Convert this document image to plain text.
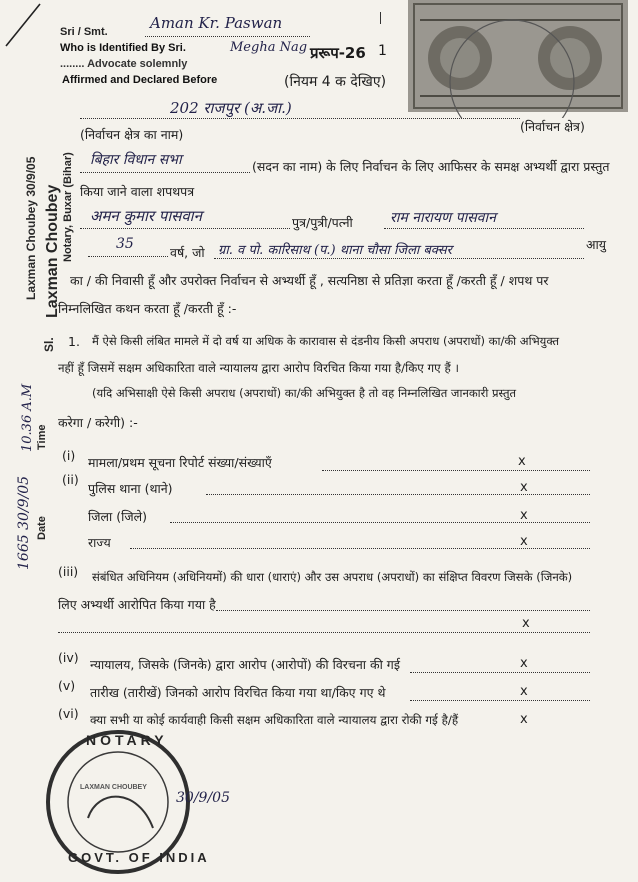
Sri / Smt.
Who is Identified By Sri.
........ Advocate solemnly
Affirmed and Declared Before
Aman Kr. Paswan
Megha Nag प्ररूप-26 1
(नियम 4 क देखिए)
(निर्वाचन क्षेत्र)
202 राजपुर (अ.जा.)
(निर्वाचन क्षेत्र का नाम)
बिहार विधान सभा	(सदन का नाम) के लिए निर्वाचन के लिए आफिसर के समक्ष अभ्यर्थी द्वारा प्रस्तुत
किया जाने वाला शपथपत्र
अमन कुमार पासवान	पुत्र/पुत्री/पत्नी	राम नारायण पासवान
आयु
35
वर्ष, जो ग्रा. व पो. कारिसाथ (प.) थाना चौसा जिला बक्सर
का / की निवासी हूँ और उपरोक्त निर्वाचन से अभ्यर्थी हूँ , सत्यनिष्ठा से प्रतिज्ञा करता हूँ /करती हूँ / शपथ पर
निम्नलिखित कथन करता हूँ /करती हूँ :-
1. मैं ऐसे किसी लंबित मामले में दो वर्ष या अधिक के कारावास से दंडनीय किसी अपराध (अपराधों) का/की अभियुक्त
नहीं हूँ जिसमें सक्षम अधिकारिता वाले न्यायालय द्वारा आरोप विरचित किया गया है/किए गए हैं ।
(यदि अभिसाक्षी ऐसे किसी अपराध (अपराधों) का/की अभियुक्त है तो वह निम्नलिखित जानकारी प्रस्तुत
करेगा / करेगी) :-
(i) मामला/प्रथम सूचना रिपोर्ट संख्या/संख्याएँ	x
(ii)
पुलिस थाना (थाने)	x
जिला (जिले)	x
राज्य	x
(iii) संबंधित अधिनियम (अधिनियमों) की धारा (धाराएं) और उस अपराध (अपराधों) का संक्षिप्त विवरण जिसके (जिनके)
लिए अभ्यर्थी आरोपित किया गया है
x
(iv) न्यायालय, जिसके (जिनके) द्वारा आरोप (आरोपों) की विरचना की गई	x
(v) तारीख (तारीखें) जिनको आरोप विरचित किया गया था/किए गए थे	x
(vi) क्या सभी या कोई कार्यवाही किसी सक्षम अधिकारिता वाले न्यायालय द्वारा रोकी गई है/हैं	x
Laxman Choubey 30/9/05 Laxman Choubey Notary, Buxar (Bihar)
Sl.
1665 30/9/05 Date
10.36 A.M Time
NOTARY
LAXMAN CHOUBEY
GOVT. OF INDIA
30/9/05
